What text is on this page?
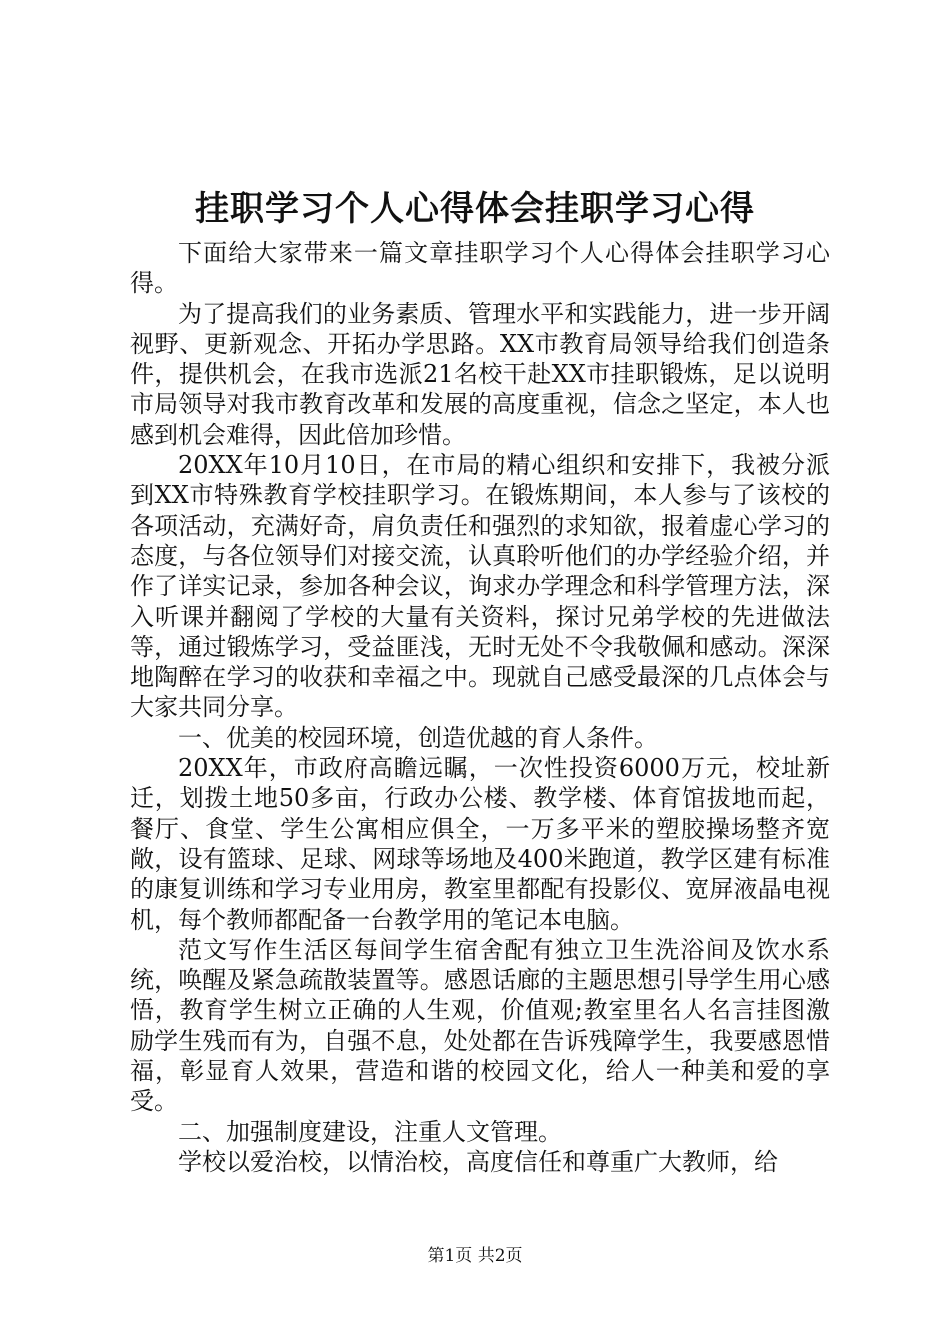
挂职学习个人心得体会挂职学习心得

下面给大家带来一篇文章挂职学习个人心得体会挂职学习心得。

为了提高我们的业务素质、管理水平和实践能力，进一步开阔视野、更新观念、开拓办学思路。XX市教育局领导给我们创造条件，提供机会，在我市选派21名校干赴XX市挂职锻炼，足以说明市局领导对我市教育改革和发展的高度重视，信念之坚定，本人也感到机会难得，因此倍加珍惜。

20XX年10月10日，在市局的精心组织和安排下，我被分派到XX市特殊教育学校挂职学习。在锻炼期间，本人参与了该校的各项活动，充满好奇，肩负责任和强烈的求知欲，报着虚心学习的态度，与各位领导们对接交流，认真聆听他们的办学经验介绍，并作了详实记录，参加各种会议，询求办学理念和科学管理方法，深入听课并翻阅了学校的大量有关资料，探讨兄弟学校的先进做法等，通过锻炼学习，受益匪浅，无时无处不令我敬佩和感动。深深地陶醉在学习的收获和幸福之中。现就自己感受最深的几点体会与大家共同分享。

一、优美的校园环境，创造优越的育人条件。

20XX年，市政府高瞻远瞩，一次性投资6000万元，校址新迁，划拨土地50多亩，行政办公楼、教学楼、体育馆拔地而起，餐厅、食堂、学生公寓相应俱全，一万多平米的塑胶操场整齐宽敞，设有篮球、足球、网球等场地及400米跑道，教学区建有标准的康复训练和学习专业用房，教室里都配有投影仪、宽屏液晶电视机，每个教师都配备一台教学用的笔记本电脑。

范文写作生活区每间学生宿舍配有独立卫生洗浴间及饮水系统，唤醒及紧急疏散装置等。感恩话廊的主题思想引导学生用心感悟，教育学生树立正确的人生观，价值观;教室里名人名言挂图激励学生残而有为，自强不息，处处都在告诉残障学生，我要感恩惜福，彰显育人效果，营造和谐的校园文化，给人一种美和爱的享受。

二、加强制度建设，注重人文管理。

学校以爱治校，以情治校，高度信任和尊重广大教师，给

第1页 共2页
